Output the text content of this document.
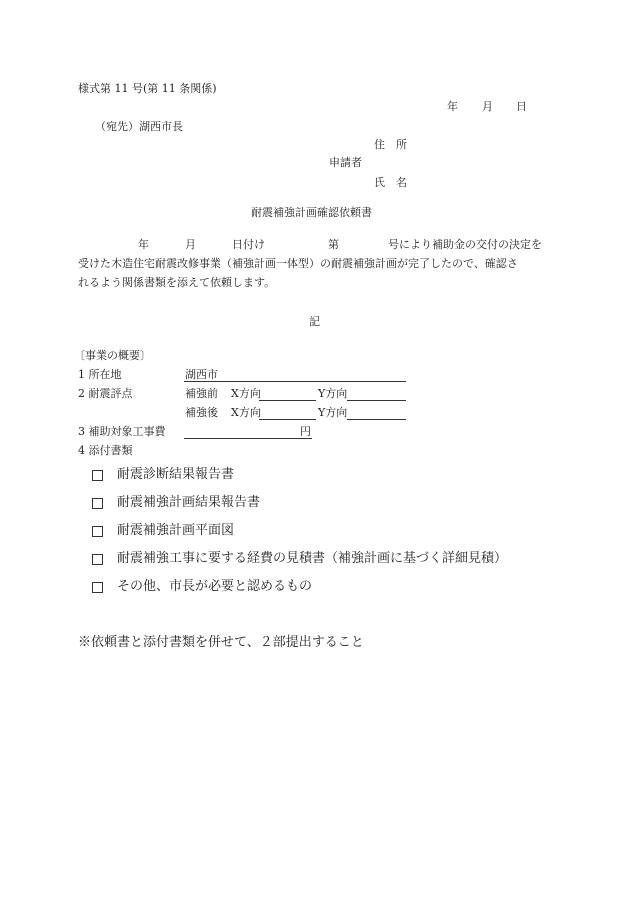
様式第 11 号(第 11 条関係)
年 月 日
（宛先）湖西市長
住　所
申請者
氏　名
耐震補強計画確認依頼書
年	月	日付け	第	号により補助金の交付の決定を
受けた木造住宅耐震改修事業（補強計画一体型）の耐震補強計画が完了したので、確認さ
れるよう関係書類を添えて依頼します。
記
〔事業の概要〕
1 所在地	湖西市
2 耐震評点	補強前 X方向	Y方向
補強後 X方向	Y方向
3 補助対象工事費	円
4 添付書類
耐震診断結果報告書
耐震補強計画結果報告書
耐震補強計画平面図
耐震補強工事に要する経費の見積書（補強計画に基づく詳細見積）
その他、市長が必要と認めるもの
※依頼書と添付書類を併せて、２部提出すること
